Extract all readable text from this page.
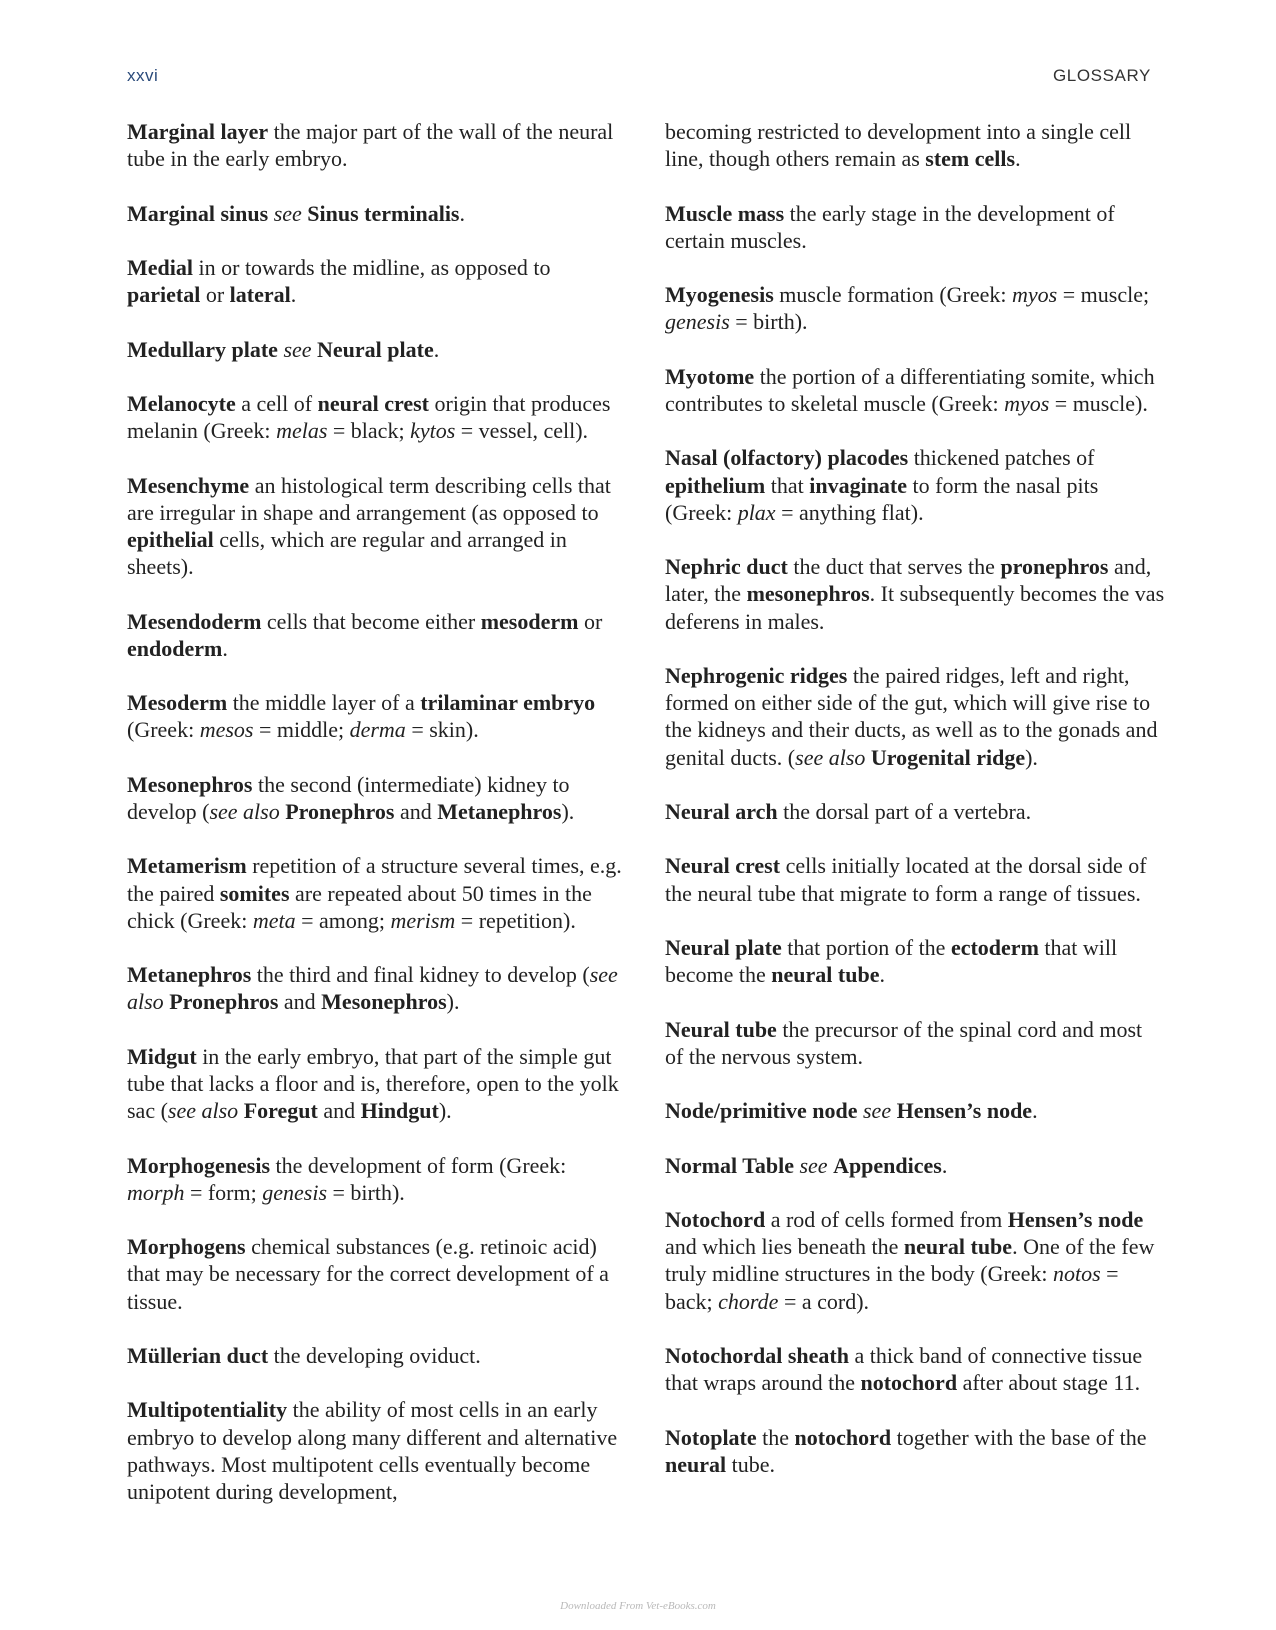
xxvi	GLOSSARY

Marginal layer the major part of the wall of the neural tube in the early embryo.

Marginal sinus see Sinus terminalis.

Medial in or towards the midline, as opposed to parietal or lateral.

Medullary plate see Neural plate.

Melanocyte a cell of neural crest origin that produces melanin (Greek: melas = black; kytos = vessel, cell).

Mesenchyme an histological term describing cells that are irregular in shape and arrangement (as opposed to epithelial cells, which are regular and arranged in sheets).

Mesendoderm cells that become either mesoderm or endoderm.

Mesoderm the middle layer of a trilaminar embryo (Greek: mesos = middle; derma = skin).

Mesonephros the second (intermediate) kidney to develop (see also Pronephros and Metanephros).

Metamerism repetition of a structure several times, e.g. the paired somites are repeated about 50 times in the chick (Greek: meta = among; merism = repetition).

Metanephros the third and final kidney to develop (see also Pronephros and Mesonephros).

Midgut in the early embryo, that part of the simple gut tube that lacks a floor and is, therefore, open to the yolk sac (see also Foregut and Hindgut).

Morphogenesis the development of form (Greek: morph = form; genesis = birth).

Morphogens chemical substances (e.g. retinoic acid) that may be necessary for the correct development of a tissue.

Müllerian duct the developing oviduct.

Multipotentiality the ability of most cells in an early embryo to develop along many different and alternative pathways. Most multipotent cells eventually become unipotent during development,

becoming restricted to development into a single cell line, though others remain as stem cells.

Muscle mass the early stage in the development of certain muscles.

Myogenesis muscle formation (Greek: myos = muscle; genesis = birth).

Myotome the portion of a differentiating somite, which contributes to skeletal muscle (Greek: myos = muscle).

Nasal (olfactory) placodes thickened patches of epithelium that invaginate to form the nasal pits (Greek: plax = anything flat).

Nephric duct the duct that serves the pronephros and, later, the mesonephros. It subsequently becomes the vas deferens in males.

Nephrogenic ridges the paired ridges, left and right, formed on either side of the gut, which will give rise to the kidneys and their ducts, as well as to the gonads and genital ducts. (see also Urogenital ridge).

Neural arch the dorsal part of a vertebra.

Neural crest cells initially located at the dorsal side of the neural tube that migrate to form a range of tissues.

Neural plate that portion of the ectoderm that will become the neural tube.

Neural tube the precursor of the spinal cord and most of the nervous system.

Node/primitive node see Hensen’s node.

Normal Table see Appendices.

Notochord a rod of cells formed from Hensen’s node and which lies beneath the neural tube. One of the few truly midline structures in the body (Greek: notos = back; chorde = a cord).

Notochordal sheath a thick band of connective tissue that wraps around the notochord after about stage 11.

Notoplate the notochord together with the base of the neural tube.

Downloaded From Vet-eBooks.com
